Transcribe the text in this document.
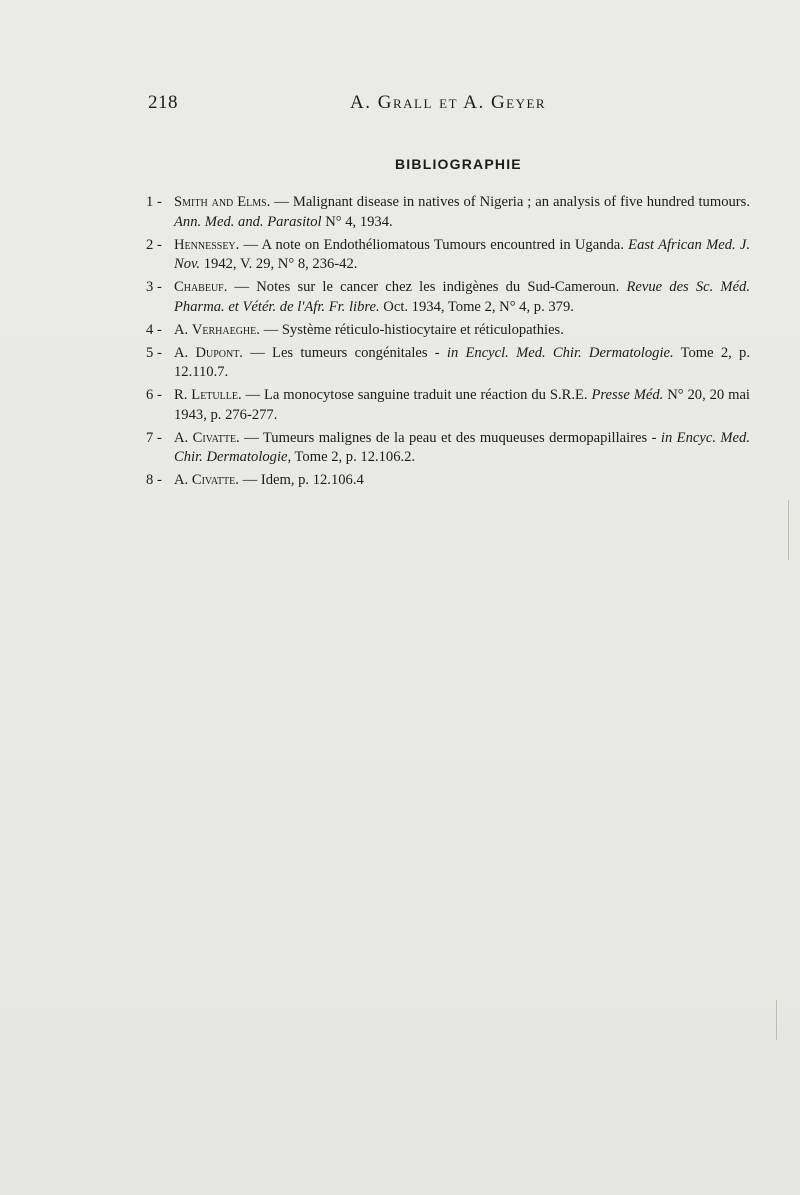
218	A. Grall et A. Geyer
BIBLIOGRAPHIE
1 - Smith and Elms. — Malignant disease in natives of Nigeria ; an analysis of five hundred tumours. Ann. Med. and. Parasitol N° 4, 1934.
2 - Hennessey. — A note on Endothéliomatous Tumours encountred in Uganda. East African Med. J. Nov. 1942, V. 29, N° 8, 236-42.
3 - Chabeuf. — Notes sur le cancer chez les indigènes du Sud-Cameroun. Revue des Sc. Méd. Pharma. et Vétér. de l'Afr. Fr. libre. Oct. 1934, Tome 2, N° 4, p. 379.
4 - A. Verhaeghe. — Système réticulo-histiocytaire et réticulopathies.
5 - A. Dupont. — Les tumeurs congénitales - in Encycl. Med. Chir. Dermatologie. Tome 2, p. 12.110.7.
6 - R. Letulle. — La monocytose sanguine traduit une réaction du S.R.E. Presse Méd. N° 20, 20 mai 1943, p. 276-277.
7 - A. Civatte. — Tumeurs malignes de la peau et des muqueuses dermopapillaires - in Encyc. Med. Chir. Dermatologie, Tome 2, p. 12.106.2.
8 - A. Civatte. — Idem, p. 12.106.4
